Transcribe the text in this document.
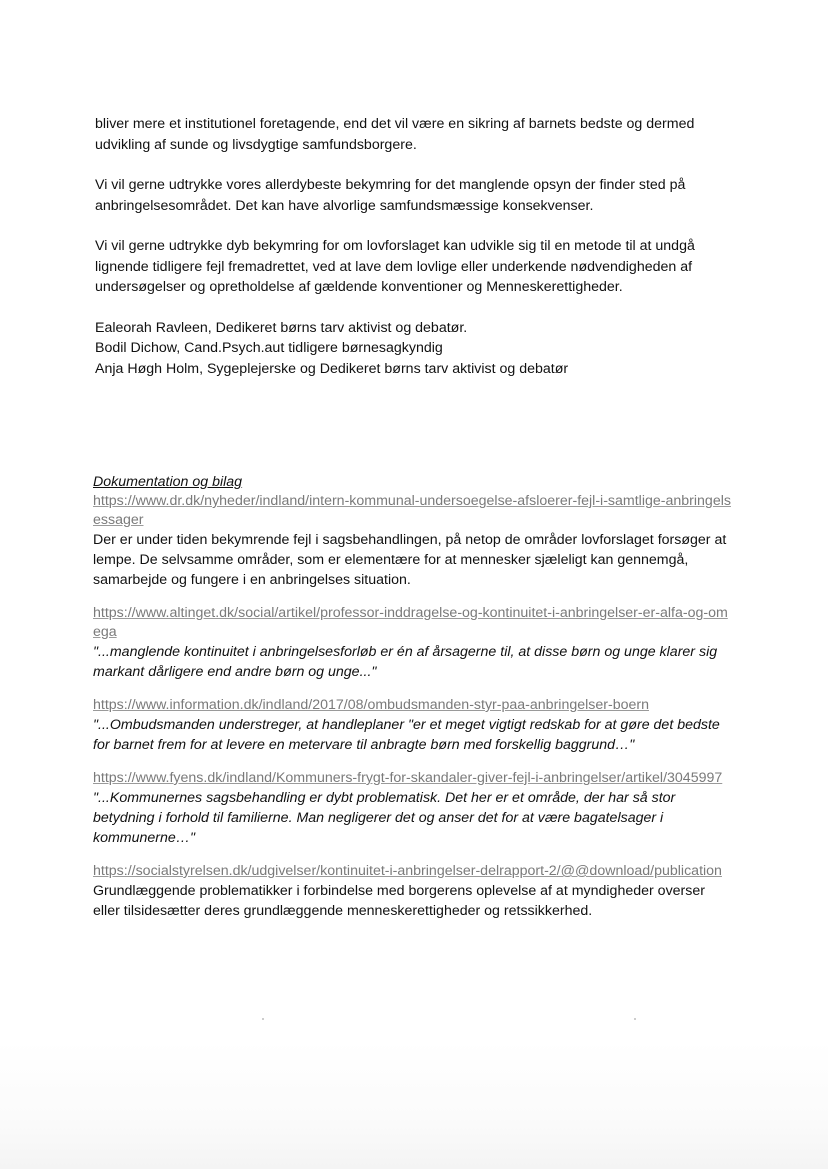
bliver mere et institutionel foretagende, end det vil være en sikring af barnets bedste og dermed udvikling af sunde og livsdygtige samfundsborgere.

Vi vil gerne udtrykke vores allerdybeste bekymring for det manglende opsyn der finder sted på anbringelsesområdet. Det kan have alvorlige samfundsmæssige konsekvenser.

Vi vil gerne udtrykke dyb bekymring for om lovforslaget kan udvikle sig til en metode til at undgå lignende tidligere fejl fremadrettet, ved at lave dem lovlige eller underkende nødvendigheden af undersøgelser og opretholdelse af gældende konventioner og Menneskerettigheder.

Ealeorah Ravleen, Dedikeret børns tarv aktivist og debatør.
Bodil Dichow, Cand.Psych.aut tidligere børnesagkyndig
Anja Høgh Holm, Sygeplejerske og Dedikeret børns tarv aktivist og debatør
Dokumentation og bilag
https://www.dr.dk/nyheder/indland/intern-kommunal-undersoegelse-afsloerer-fejl-i-samtlige-anbringelsessager
Der er under tiden bekymrende fejl i sagsbehandlingen, på netop de områder lovforslaget forsøger at lempe. De selvsamme områder, som er elementære for at mennesker sjæleligt kan gennemgå, samarbejde og fungere i en anbringelses situation.
https://www.altinget.dk/social/artikel/professor-inddragelse-og-kontinuitet-i-anbringelser-er-alfa-og-omega
"...manglende kontinuitet i anbringelsesforløb er én af årsagerne til, at disse børn og unge klarer sig markant dårligere end andre børn og unge..."
https://www.information.dk/indland/2017/08/ombudsmanden-styr-paa-anbringelser-boern
"...Ombudsmanden understreger, at handleplaner "er et meget vigtigt redskab for at gøre det bedste for barnet frem for at levere en metervare til anbragte børn med forskellig baggrund…"
https://www.fyens.dk/indland/Kommuners-frygt-for-skandaler-giver-fejl-i-anbringelser/artikel/3045997
"...Kommunernes sagsbehandling er dybt problematisk. Det her er et område, der har så stor betydning i forhold til familierne. Man negligerer det og anser det for at være bagatelsager i kommunerne…"
https://socialstyrelsen.dk/udgivelser/kontinuitet-i-anbringelser-delrapport-2/@@download/publication
Grundlæggende problematikker i forbindelse med borgerens oplevelse af at myndigheder overser eller tilsidesætter deres grundlæggende menneskerettigheder og retssikkerhed.
